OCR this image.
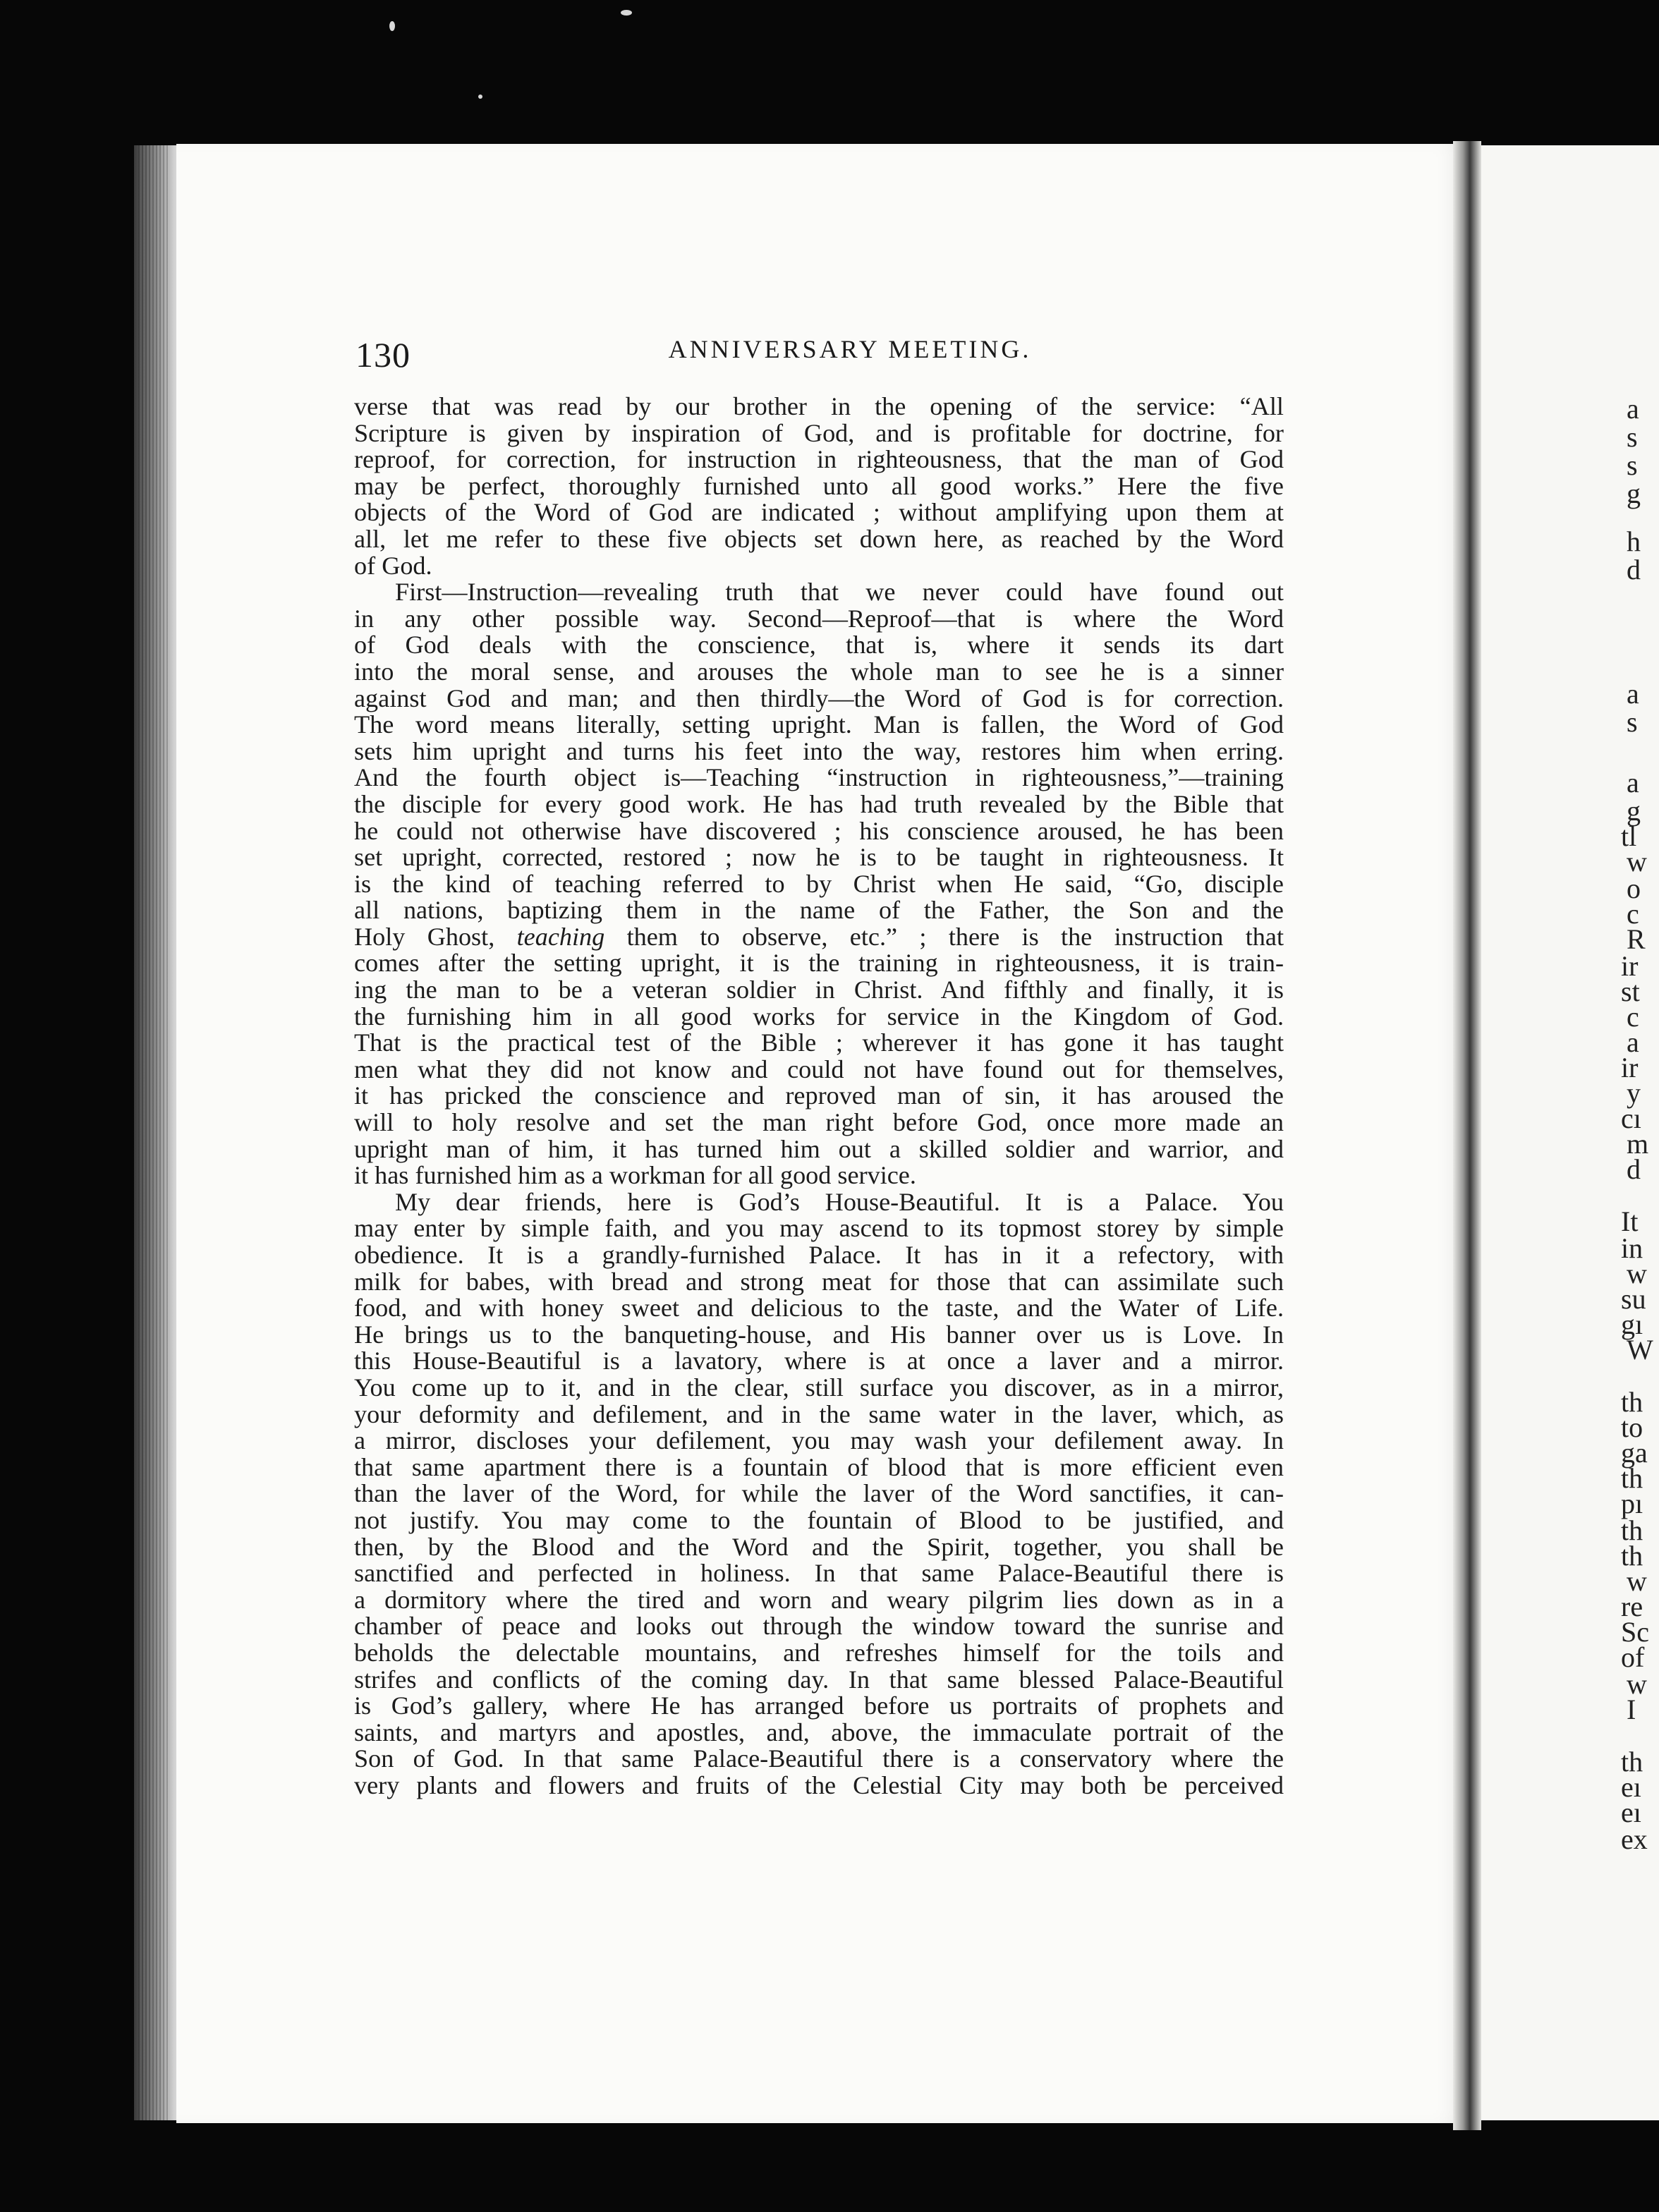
a
s
s
g
h
d
a
s
a
g
tl
w
o
c
R
ir
st
c
a
ir
y
cı
m
d
It
in
w
su
gı
W
th
to
ga
th
pı
th
th
w
re
Sc
of
w
I
th
eı
eı
ex
130	ANNIVERSARY MEETING.
verse that was read by our brother in the opening of the service: “All
Scripture is given by inspiration of God, and is profitable for doctrine, for
reproof, for correction, for instruction in righteousness, that the man of God
may be perfect, thoroughly furnished unto all good works.” Here the five
objects of the Word of God are indicated ; without amplifying upon them at
all, let me refer to these five objects set down here, as reached by the Word
of God.
First—Instruction—revealing truth that we never could have found out
in any other possible way. Second—Reproof—that is where the Word
of God deals with the conscience, that is, where it sends its dart
into the moral sense, and arouses the whole man to see he is a sinner
against God and man; and then thirdly—the Word of God is for correction.
The word means literally, setting upright. Man is fallen, the Word of God
sets him upright and turns his feet into the way, restores him when erring.
And the fourth object is—Teaching “instruction in righteousness,”—training
the disciple for every good work. He has had truth revealed by the Bible that
he could not otherwise have discovered ; his conscience aroused, he has been
set upright, corrected, restored ; now he is to be taught in righteousness. It
is the kind of teaching referred to by Christ when He said, “Go, disciple
all nations, baptizing them in the name of the Father, the Son and the
Holy Ghost, teaching them to observe, etc.” ; there is the instruction that
comes after the setting upright, it is the training in righteousness, it is train-
ing the man to be a veteran soldier in Christ. And fifthly and finally, it is
the furnishing him in all good works for service in the Kingdom of God.
That is the practical test of the Bible ; wherever it has gone it has taught
men what they did not know and could not have found out for themselves,
it has pricked the conscience and reproved man of sin, it has aroused the
will to holy resolve and set the man right before God, once more made an
upright man of him, it has turned him out a skilled soldier and warrior, and
it has furnished him as a workman for all good service.
My dear friends, here is God’s House-Beautiful. It is a Palace. You
may enter by simple faith, and you may ascend to its topmost storey by simple
obedience. It is a grandly-furnished Palace. It has in it a refectory, with
milk for babes, with bread and strong meat for those that can assimilate such
food, and with honey sweet and delicious to the taste, and the Water of Life.
He brings us to the banqueting-house, and His banner over us is Love. In
this House-Beautiful is a lavatory, where is at once a laver and a mirror.
You come up to it, and in the clear, still surface you discover, as in a mirror,
your deformity and defilement, and in the same water in the laver, which, as
a mirror, discloses your defilement, you may wash your defilement away. In
that same apartment there is a fountain of blood that is more efficient even
than the laver of the Word, for while the laver of the Word sanctifies, it can-
not justify. You may come to the fountain of Blood to be justified, and
then, by the Blood and the Word and the Spirit, together, you shall be
sanctified and perfected in holiness. In that same Palace-Beautiful there is
a dormitory where the tired and worn and weary pilgrim lies down as in a
chamber of peace and looks out through the window toward the sunrise and
beholds the delectable mountains, and refreshes himself for the toils and
strifes and conflicts of the coming day. In that same blessed Palace-Beautiful
is God’s gallery, where He has arranged before us portraits of prophets and
saints, and martyrs and apostles, and, above, the immaculate portrait of the
Son of God. In that same Palace-Beautiful there is a conservatory where the
very plants and flowers and fruits of the Celestial City may both be perceived
